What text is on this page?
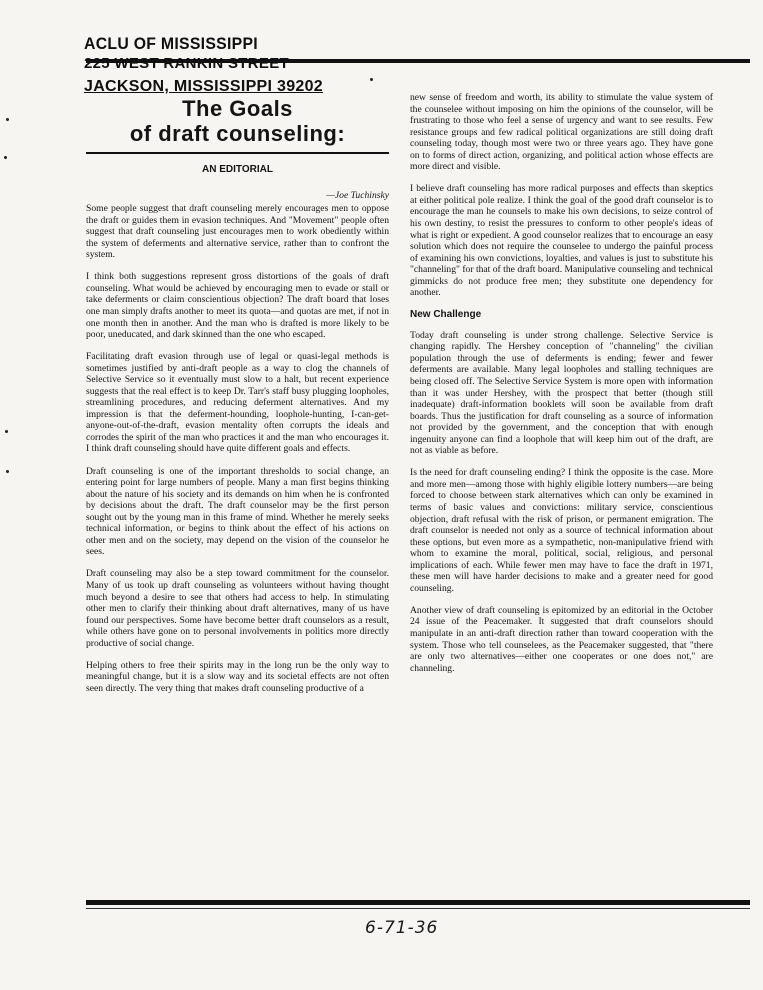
ACLU OF MISSISSIPPI
225 WEST RANKIN STREET
JACKSON, MISSISSIPPI 39202
The Goals
of draft counseling:
AN EDITORIAL
—Joe Tuchinsky

Some people suggest that draft counseling merely encourages men to oppose the draft or guides them in evasion techniques. And "Movement" people often suggest that draft counseling just encourages men to work obediently within the system of deferments and alternative service, rather than to confront the system.

I think both suggestions represent gross distortions of the goals of draft counseling. What would be achieved by encouraging men to evade or stall or take deferments or claim conscientious objection? The draft board that loses one man simply drafts another to meet its quota—and quotas are met, if not in one month then in another. And the man who is drafted is more likely to be poor, uneducated, and dark skinned than the one who escaped.

Facilitating draft evasion through use of legal or quasi-legal methods is sometimes justified by anti-draft people as a way to clog the channels of Selective Service so it eventually must slow to a halt, but recent experience suggests that the real effect is to keep Dr. Tarr's staff busy plugging loopholes, streamlining procedures, and reducing deferment alternatives. And my impression is that the deferment-hounding, loophole-hunting, I-can-get-anyone-out-of-the-draft, evasion mentality often corrupts the ideals and corrodes the spirit of the man who practices it and the man who encourages it. I think draft counseling should have quite different goals and effects.

Draft counseling is one of the important thresholds to social change, an entering point for large numbers of people. Many a man first begins thinking about the nature of his society and its demands on him when he is confronted by decisions about the draft. The draft counselor may be the first person sought out by the young man in this frame of mind. Whether he merely seeks technical information, or begins to think about the effect of his actions on other men and on the society, may depend on the vision of the counselor he sees.

Draft counseling may also be a step toward commitment for the counselor. Many of us took up draft counseling as volunteers without having thought much beyond a desire to see that others had access to help. In stimulating other men to clarify their thinking about draft alternatives, many of us have found our perspectives. Some have become better draft counselors as a result, while others have gone on to personal involvements in politics more directly productive of social change.

Helping others to free their spirits may in the long run be the only way to meaningful change, but it is a slow way and its societal effects are not often seen directly. The very thing that makes draft counseling productive of a

new sense of freedom and worth, its ability to stimulate the value system of the counselee without imposing on him the opinions of the counselor, will be frustrating to those who feel a sense of urgency and want to see results. Few resistance groups and few radical political organizations are still doing draft counseling today, though most were two or three years ago. They have gone on to forms of direct action, organizing, and political action whose effects are more direct and visible.

I believe draft counseling has more radical purposes and effects than skeptics at either political pole realize. I think the goal of the good draft counselor is to encourage the man he counsels to make his own decisions, to seize control of his own destiny, to resist the pressures to conform to other people's ideas of what is right or expedient. A good counselor realizes that to encourage an easy solution which does not require the counselee to undergo the painful process of examining his own convictions, loyalties, and values is just to substitute his "channeling" for that of the draft board. Manipulative counseling and technical gimmicks do not produce free men; they substitute one dependency for another.

New Challenge

Today draft counseling is under strong challenge. Selective Service is changing rapidly. The Hershey conception of "channeling" the civilian population through the use of deferments is ending; fewer and fewer deferments are available. Many legal loopholes and stalling techniques are being closed off. The Selective Service System is more open with information than it was under Hershey, with the prospect that better (though still inadequate) draft-information booklets will soon be available from draft boards. Thus the justification for draft counseling as a source of information not provided by the government, and the conception that with enough ingenuity anyone can find a loophole that will keep him out of the draft, are not as viable as before.

Is the need for draft counseling ending? I think the opposite is the case. More and more men—among those with highly eligible lottery numbers—are being forced to choose between stark alternatives which can only be examined in terms of basic values and convictions: military service, conscientious objection, draft refusal with the risk of prison, or permanent emigration. The draft counselor is needed not only as a source of technical information about these options, but even more as a sympathetic, non-manipulative friend with whom to examine the moral, political, social, religious, and personal implications of each. While fewer men may have to face the draft in 1971, these men will have harder decisions to make and a greater need for good counseling.

Another view of draft counseling is epitomized by an editorial in the October 24 issue of the Peacemaker. It suggested that draft counselors should manipulate in an anti-draft direction rather than toward cooperation with the system. Those who tell counselees, as the Peacemaker suggested, that "there are only two alternatives—either one cooperates or one does not," are channeling.

6-71-36
